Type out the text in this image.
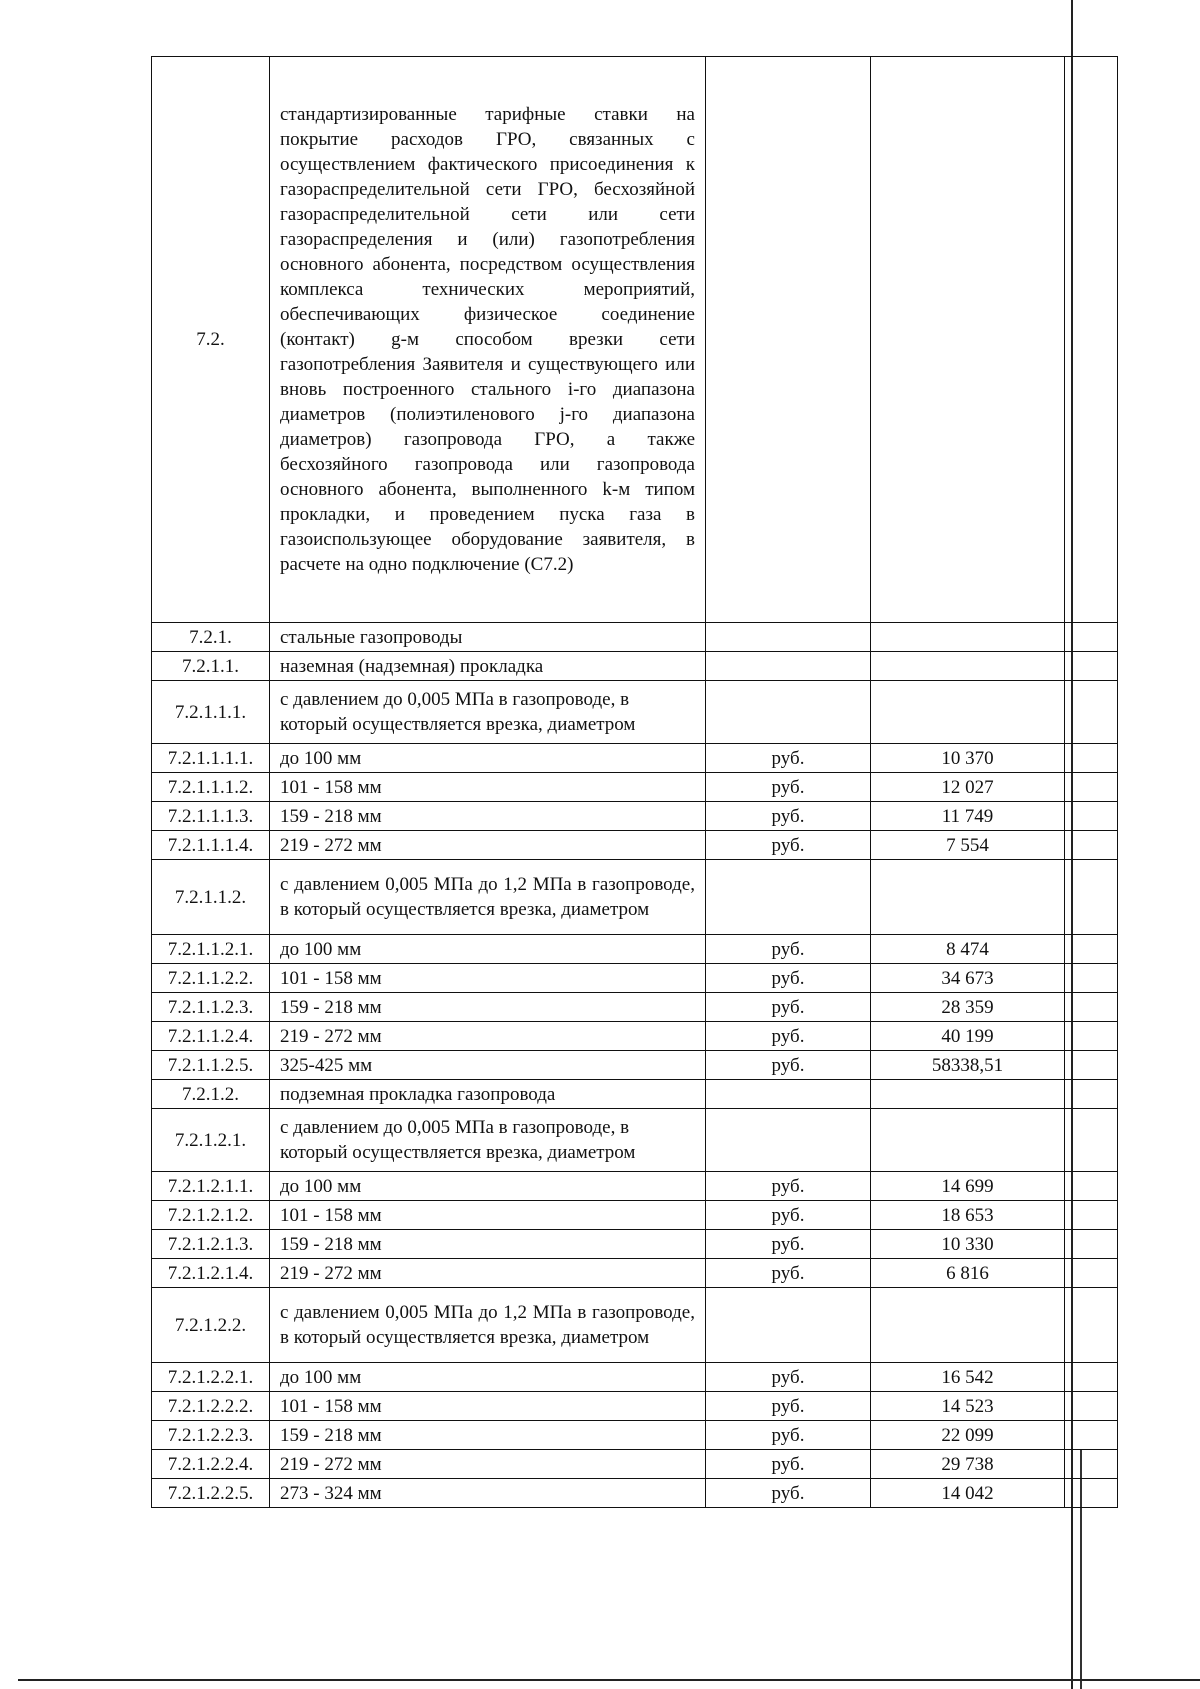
7.2.	стандартизированные тарифные ставки на покрытие расходов ГРО, связанных с осуществлением фактического присоединения к газораспределительной сети ГРО, бесхозяйной газораспределительной сети или сети газораспределения и (или) газопотребления основного абонента, посредством осуществления комплекса технических мероприятий, обеспечивающих физическое соединение (контакт) g-м способом врезки сети газопотребления Заявителя и существующего или вновь построенного стального i-го диапазона диаметров (полиэтиленового j-го диапазона диаметров) газопровода ГРО, а также бесхозяйного газопровода или газопровода основного абонента, выполненного k-м типом прокладки, и проведением пуска газа в газоиспользующее оборудование заявителя, в расчете на одно подключение (С7.2)			
7.2.1.	стальные газопроводы			
7.2.1.1.	наземная (надземная) прокладка			
7.2.1.1.1.	с давлением до 0,005 МПа в газопроводе, в который осуществляется врезка, диаметром			
7.2.1.1.1.1.	до 100 мм	руб.	10 370	
7.2.1.1.1.2.	101 - 158 мм	руб.	12 027	
7.2.1.1.1.3.	159 - 218 мм	руб.	11 749	
7.2.1.1.1.4.	219 - 272 мм	руб.	7 554	
7.2.1.1.2.	с давлением 0,005 МПа до 1,2 МПа в газопроводе, в который осуществляется врезка, диаметром			
7.2.1.1.2.1.	до 100 мм	руб.	8 474	
7.2.1.1.2.2.	101 - 158 мм	руб.	34 673	
7.2.1.1.2.3.	159 - 218 мм	руб.	28 359	
7.2.1.1.2.4.	219 - 272 мм	руб.	40 199	
7.2.1.1.2.5.	325-425 мм	руб.	58338,51	
7.2.1.2.	подземная прокладка газопровода			
7.2.1.2.1.	с давлением до 0,005 МПа в газопроводе, в который осуществляется врезка, диаметром			
7.2.1.2.1.1.	до 100 мм	руб.	14 699	
7.2.1.2.1.2.	101 - 158 мм	руб.	18 653	
7.2.1.2.1.3.	159 - 218 мм	руб.	10 330	
7.2.1.2.1.4.	219 - 272 мм	руб.	6 816	
7.2.1.2.2.	с давлением 0,005 МПа до 1,2 МПа в газопроводе, в который осуществляется врезка, диаметром			
7.2.1.2.2.1.	до 100 мм	руб.	16 542	
7.2.1.2.2.2.	101 - 158 мм	руб.	14 523	
7.2.1.2.2.3.	159 - 218 мм	руб.	22 099	
7.2.1.2.2.4.	219 - 272 мм	руб.	29 738	
7.2.1.2.2.5.	273 - 324 мм	руб.	14 042	
